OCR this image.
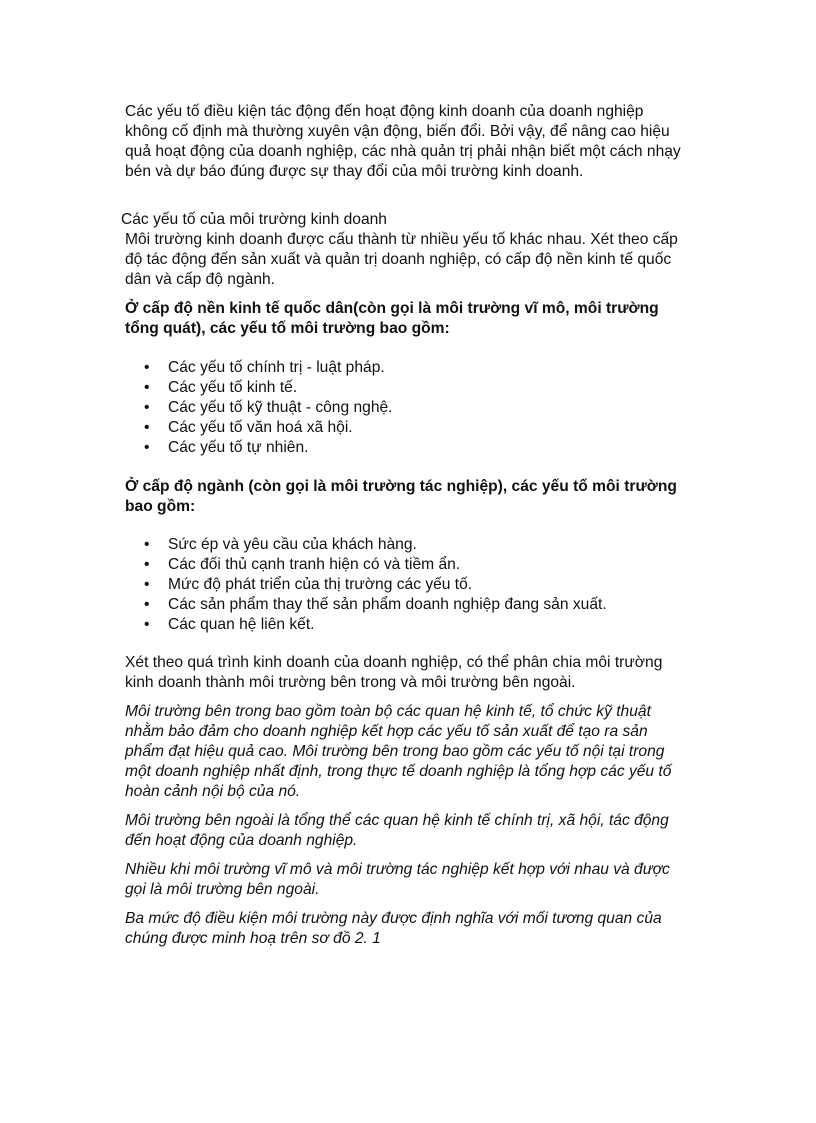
Các yếu tố điều kiện tác động đến hoạt động kinh doanh của doanh nghiệp
không cố định mà thường xuyên vận động, biến đổi. Bởi vậy, để nâng cao hiệu
quả hoạt động của doanh nghiệp, các nhà quản trị phải nhận biết một cách nhạy
bén và dự báo đúng được sự thay đổi của môi trường kinh doanh.

Các yếu tố của môi trường kinh doanh

Môi trường kinh doanh được cấu thành từ nhiều yếu tố khác nhau. Xét theo cấp
độ tác động đến sản xuất và quản trị doanh nghiệp, có cấp độ nền kinh tế quốc
dân và cấp độ ngành.

Ở cấp độ nền kinh tế quốc dân(còn gọi là môi trường vĩ mô, môi trường
tổng quát), các yếu tố môi trường bao gồm:

• Các yếu tố chính trị - luật pháp.
• Các yếu tố kinh tế.
• Các yếu tố kỹ thuật - công nghệ.
• Các yếu tố văn hoá xã hội.
• Các yếu tố tự nhiên.

Ở cấp độ ngành (còn gọi là môi trường tác nghiệp), các yếu tố môi trường
bao gồm:

• Sức ép và yêu cầu của khách hàng.
• Các đối thủ cạnh tranh hiện có và tiềm ẩn.
• Mức độ phát triển của thị trường các yếu tố.
• Các sản phẩm thay thế sản phẩm doanh nghiệp đang sản xuất.
• Các quan hệ liên kết.

Xét theo quá trình kinh doanh của doanh nghiệp, có thể phân chia môi trường
kinh doanh thành môi trường bên trong và môi trường bên ngoài.

Môi trường bên trong bao gồm toàn bộ các quan hệ kinh tế, tổ chức kỹ thuật
nhằm bảo đảm cho doanh nghiệp kết hợp các yếu tố sản xuất để tạo ra sản
phẩm đạt hiệu quả cao. Môi trường bên trong bao gồm các yếu tố nội tại trong
một doanh nghiệp nhất định, trong thực tế doanh nghiệp là tổng hợp các yếu tố
hoàn cảnh nội bộ của nó.

Môi trường bên ngoài là tổng thể các quan hệ kinh tế chính trị, xã hội, tác động
đến hoạt động của doanh nghiệp.

Nhiều khi môi trường vĩ mô và môi trường tác nghiệp kết hợp với nhau và được
gọi là môi trường bên ngoài.

Ba mức độ điều kiện môi trường này được định nghĩa với mối tương quan của
chúng được minh hoạ trên sơ đồ 2. 1
